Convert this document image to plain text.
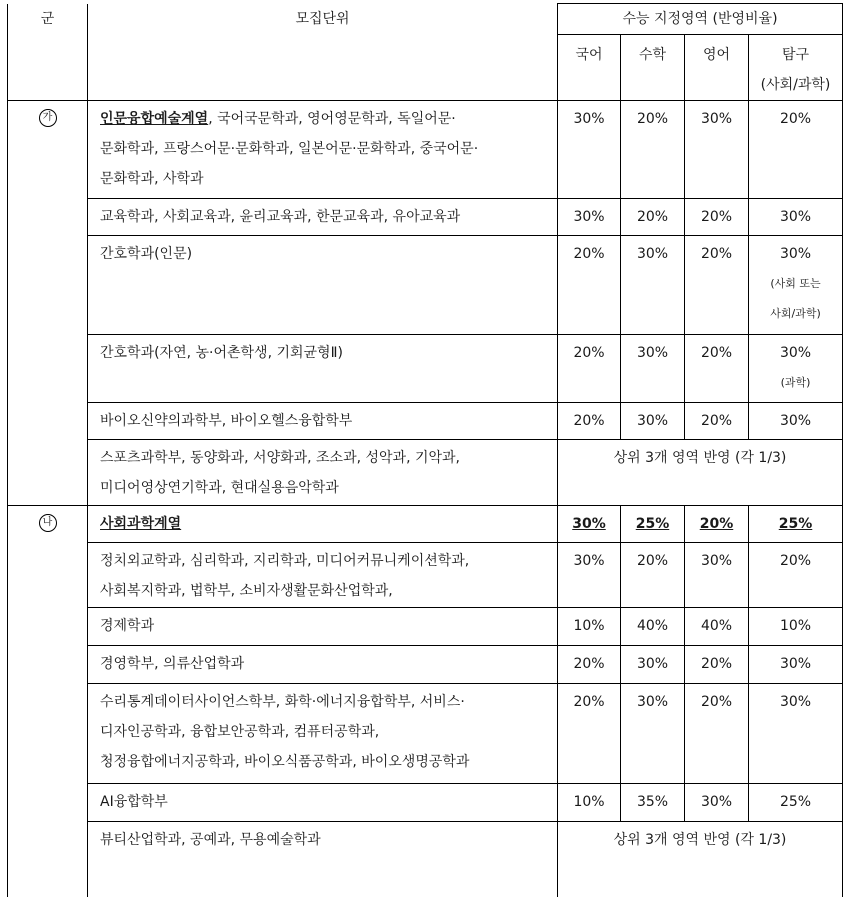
군	모집단위	수능 지정영역 (반영비율)			
		국어	수학	영어	탐구
(사회/과학)
가	인문융합예술계열, 국어국문학과, 영어영문학과, 독일어문·
문화학과, 프랑스어문·문화학과, 일본어문·문화학과, 중국어문·
문화학과, 사학과	30%	20%	30%	20%
	교육학과, 사회교육과, 윤리교육과, 한문교육과, 유아교육과	30%	20%	20%	30%
	간호학과(인문)	20%	30%	20%	30%
(사회 또는
사회/과학)

	간호학과(자연, 농·어촌학생, 기회균형Ⅱ)	20%	30%	20%	30%
(과학)

	바이오신약의과학부, 바이오헬스융합학부	20%	30%	20%	30%
	스포츠과학부, 동양화과, 서양화과, 조소과, 성악과, 기악과,
미디어영상연기학과, 현대실용음악학과	상위 3개 영역 반영 (각 1/3)			
나	사회과학계열	30%	25%	20%	25%
	정치외교학과, 심리학과, 지리학과, 미디어커뮤니케이션학과,
사회복지학과, 법학부, 소비자생활문화산업학과,	30%	20%	30%	20%
	경제학과	10%	40%	40%	10%
	경영학부, 의류산업학과	20%	30%	20%	30%
	수리통계데이터사이언스학부, 화학·에너지융합학부, 서비스·
디자인공학과, 융합보안공학과, 컴퓨터공학과,
청정융합에너지공학과, 바이오식품공학과, 바이오생명공학과	20%	30%	20%	30%
	AI융합학부	10%	35%	30%	25%
	뷰티산업학과, 공예과, 무용예술학과	상위 3개 영역 반영 (각 1/3)			
